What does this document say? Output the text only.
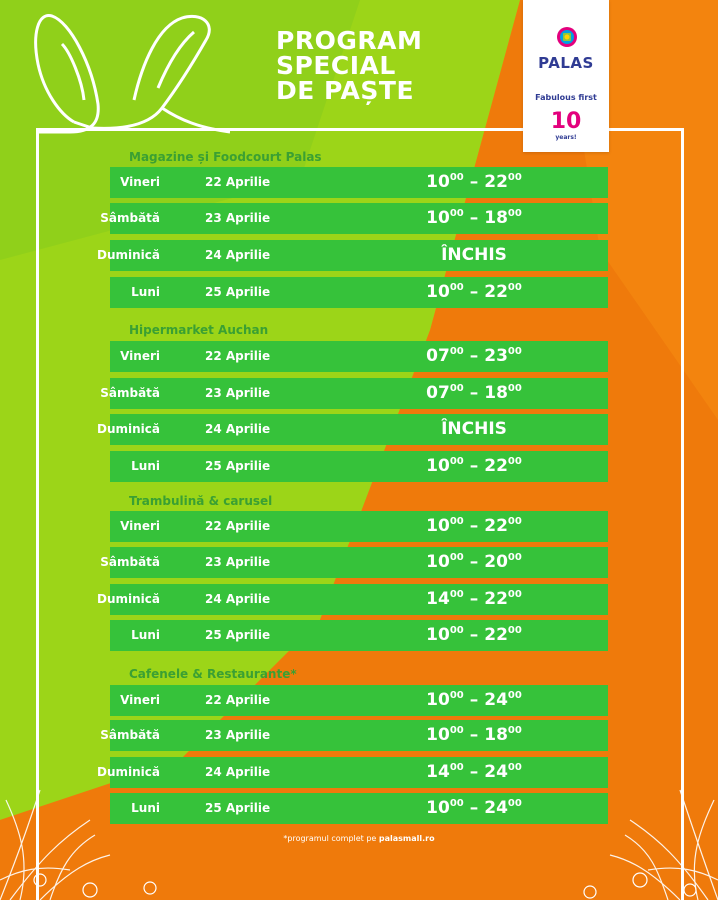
PROGRAM
SPECIAL
DE PAȘTE
PALAS
Fabulous first
10
years!
Magazine și Foodcourt Palas
Vineri	22 Aprilie	$10^{00} - 22^{00}$
Sâmbătă	23 Aprilie	$10^{00} - 18^{00}$
Duminică	24 Aprilie	ÎNCHIS
Luni	25 Aprilie	$10^{00} - 22^{00}$
Hipermarket Auchan
Vineri	22 Aprilie	$07^{00} - 23^{00}$
Sâmbătă	23 Aprilie	$07^{00} - 18^{00}$
Duminică	24 Aprilie	ÎNCHIS
Luni	25 Aprilie	$10^{00} - 22^{00}$
Trambulină & carusel
Vineri	22 Aprilie	$10^{00} - 22^{00}$
Sâmbătă	23 Aprilie	$10^{00} - 20^{00}$
Duminică	24 Aprilie	$14^{00} - 22^{00}$
Luni	25 Aprilie	$10^{00} - 22^{00}$
Cafenele & Restaurante*
Vineri	22 Aprilie	$10^{00} - 24^{00}$
Sâmbătă	23 Aprilie	$10^{00} - 18^{00}$
Duminică	24 Aprilie	$14^{00} - 24^{00}$
Luni	25 Aprilie	$10^{00} - 24^{00}$
*programul complet pe palasmall.ro
